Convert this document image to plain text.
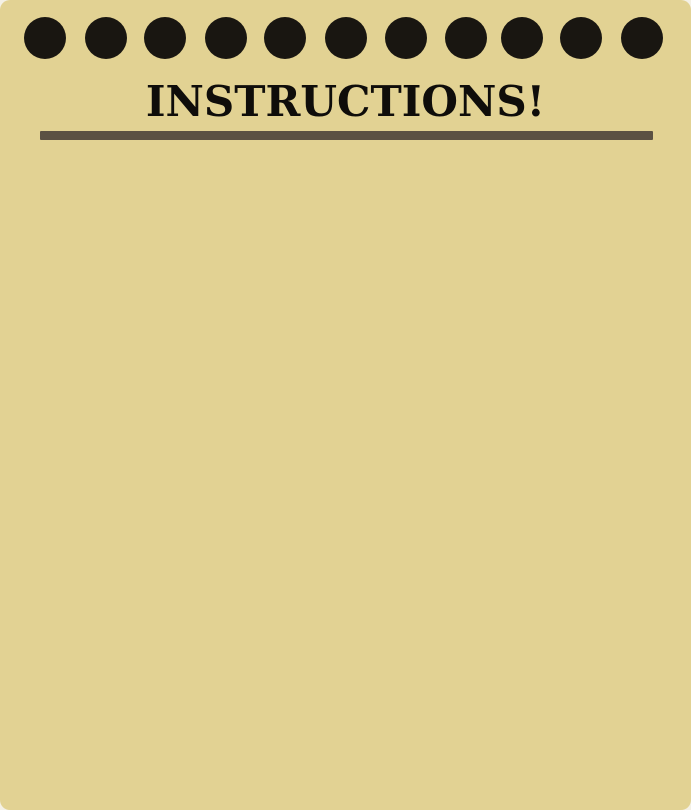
INSTRUCTIONS!
